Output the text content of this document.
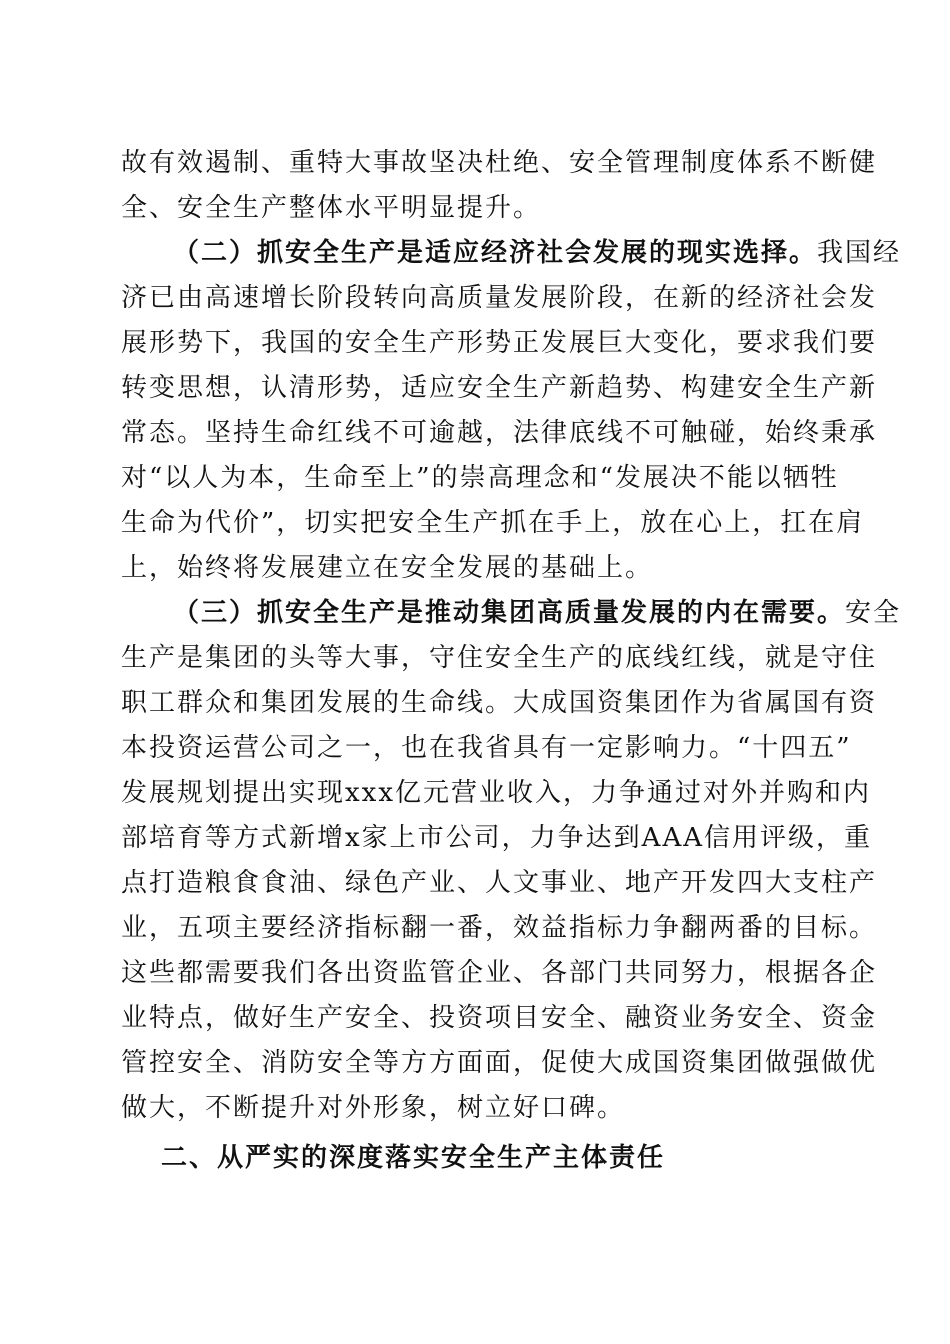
故有效遏制、重特大事故坚决杜绝、安全管理制度体系不断健
全、安全生产整体水平明显提升。
（二）抓安全生产是适应经济社会发展的现实选择。我国经
济已由高速增长阶段转向高质量发展阶段，在新的经济社会发
展形势下，我国的安全生产形势正发展巨大变化，要求我们要
转变思想，认清形势，适应安全生产新趋势、构建安全生产新
常态。坚持生命红线不可逾越，法律底线不可触碰，始终秉承
对“以人为本，生命至上”的崇高理念和“发展决不能以牺牲
生命为代价”，切实把安全生产抓在手上，放在心上，扛在肩
上，始终将发展建立在安全发展的基础上。
（三）抓安全生产是推动集团高质量发展的内在需要。安全
生产是集团的头等大事，守住安全生产的底线红线，就是守住
职工群众和集团发展的生命线。大成国资集团作为省属国有资
本投资运营公司之一，也在我省具有一定影响力。“十四五”
发展规划提出实现xxx亿元营业收入，力争通过对外并购和内
部培育等方式新增x家上市公司，力争达到AAA信用评级，重
点打造粮食食油、绿色产业、人文事业、地产开发四大支柱产
业，五项主要经济指标翻一番，效益指标力争翻两番的目标。
这些都需要我们各出资监管企业、各部门共同努力，根据各企
业特点，做好生产安全、投资项目安全、融资业务安全、资金
管控安全、消防安全等方方面面，促使大成国资集团做强做优
做大，不断提升对外形象，树立好口碑。
二、从严实的深度落实安全生产主体责任
